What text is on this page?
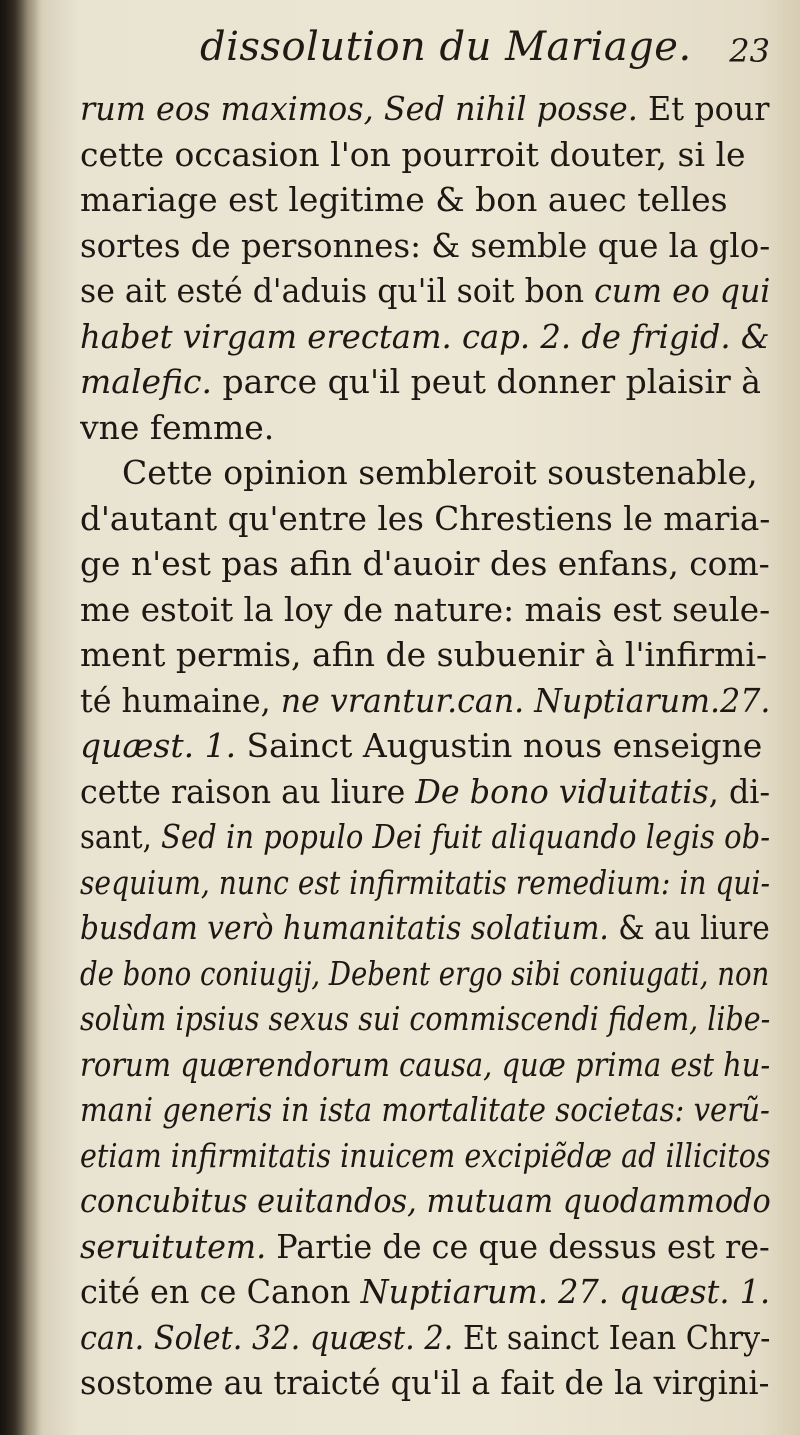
dissolution du Mariage. 23
rum eos maximos, Sed nihil posse. Et pour
cette occasion l'on pourroit douter, si le
mariage est legitime & bon auec telles
sortes de personnes: & semble que la glo-
se ait esté d'aduis qu'il soit bon cum eo qui
habet virgam erectam. cap. 2. de frigid. &
malefic. parce qu'il peut donner plaisir à
vne femme.
Cette opinion sembleroit soustenable,
d'autant qu'entre les Chrestiens le maria-
ge n'est pas afin d'auoir des enfans, com-
me estoit la loy de nature: mais est seule-
ment permis, afin de subuenir à l'infirmi-
té humaine, ne vrantur.can. Nuptiarum.27.
quæst. 1. Sainct Augustin nous enseigne
cette raison au liure De bono viduitatis, di-
sant, Sed in populo Dei fuit aliquando legis ob-
sequium, nunc est infirmitatis remedium: in qui-
busdam verò humanitatis solatium. & au liure
de bono coniugij, Debent ergo sibi coniugati, non
solùm ipsius sexus sui commiscendi fidem, libe-
rorum quærendorum causa, quæ prima est hu-
mani generis in ista mortalitate societas: verũ-
etiam infirmitatis inuicem excipiẽdæ ad illicitos
concubitus euitandos, mutuam quodammodo
seruitutem. Partie de ce que dessus est re-
cité en ce Canon Nuptiarum. 27. quæst. 1.
can. Solet. 32. quæst. 2. Et sainct Iean Chry-
sostome au traicté qu'il a fait de la virgini-
